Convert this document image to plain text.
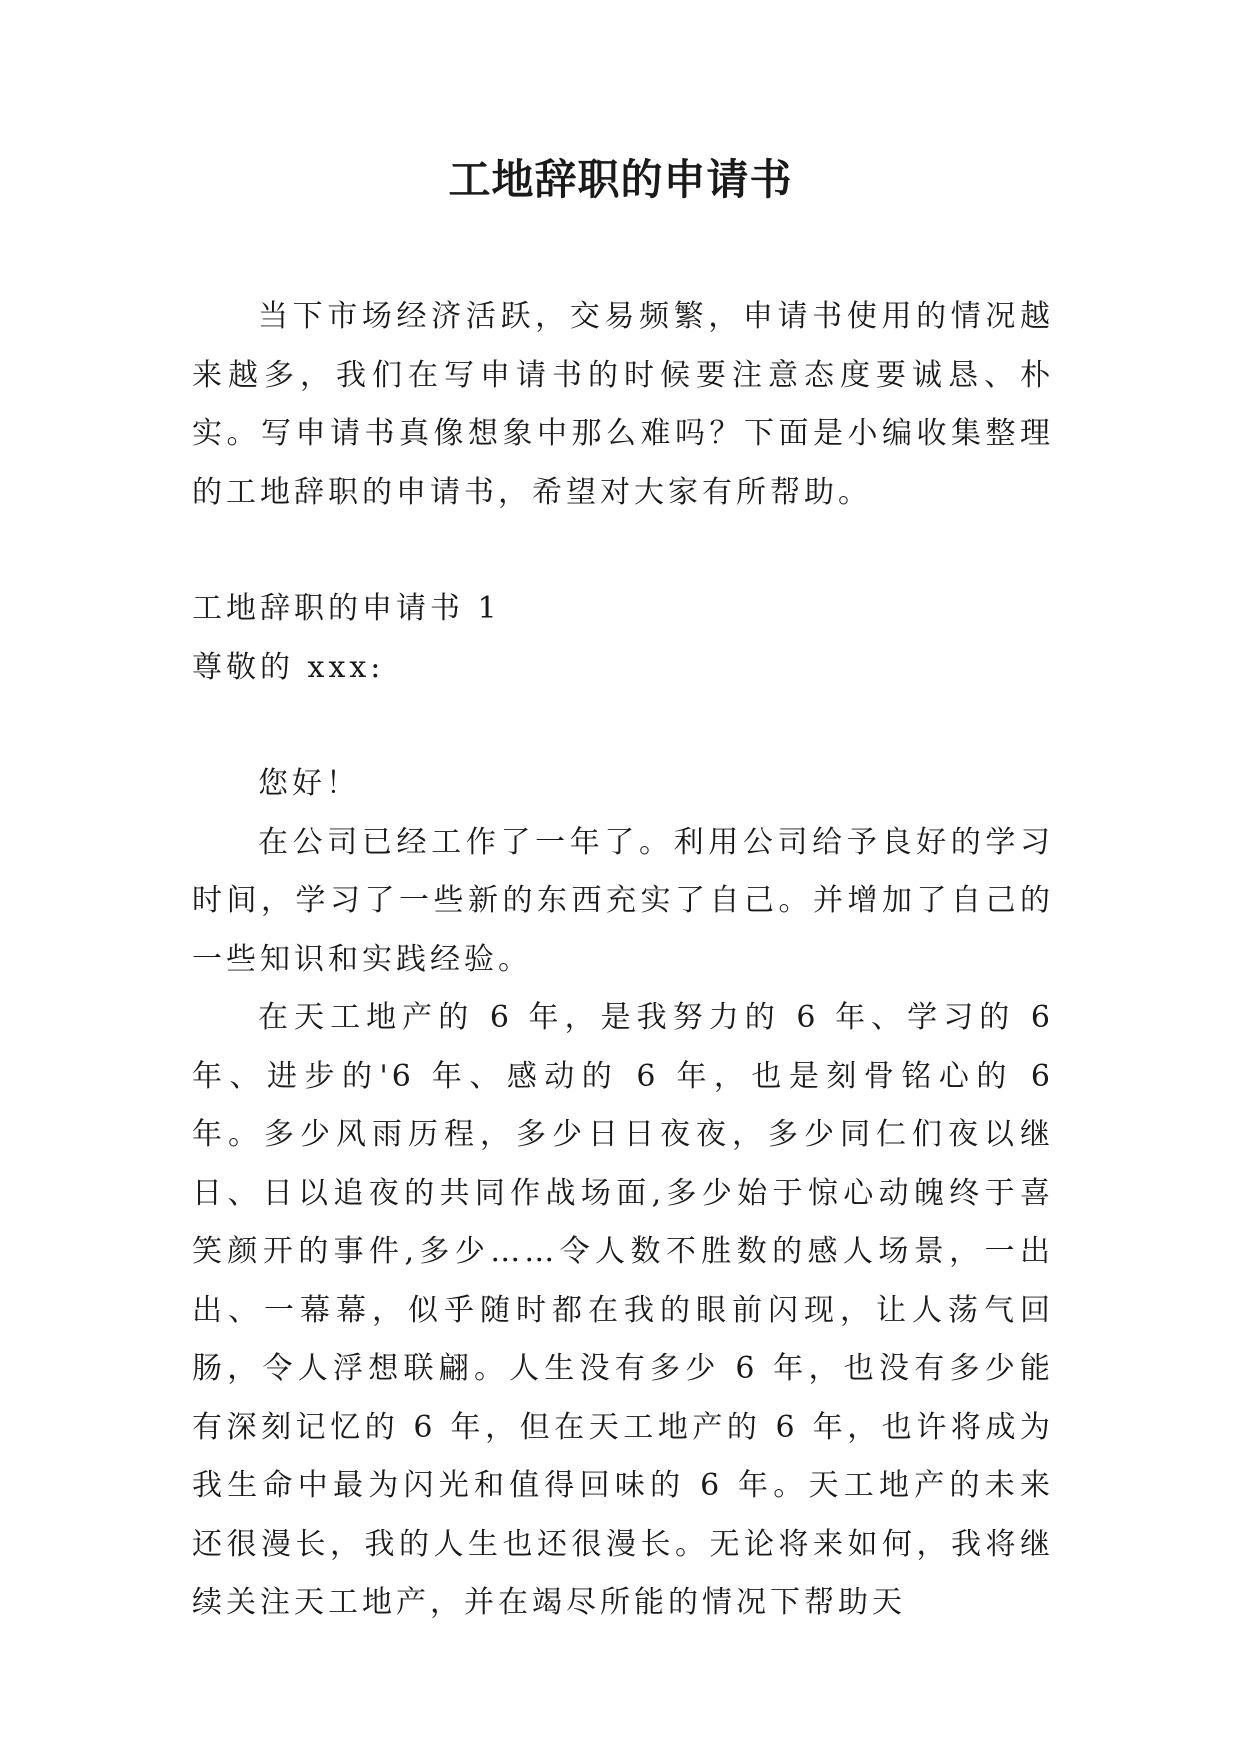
工地辞职的申请书

当下市场经济活跃，交易频繁，申请书使用的情况越来越多，我们在写申请书的时候要注意态度要诚恳、朴实。写申请书真像想象中那么难吗？下面是小编收集整理的工地辞职的申请书，希望对大家有所帮助。

工地辞职的申请书 1

尊敬的 xxx:

您好！

在公司已经工作了一年了。利用公司给予良好的学习时间，学习了一些新的东西充实了自己。并增加了自己的一些知识和实践经验。

在天工地产的 6 年，是我努力的 6 年、学习的 6 年、进步的'6 年、感动的 6 年，也是刻骨铭心的 6 年。多少风雨历程，多少日日夜夜，多少同仁们夜以继日、日以追夜的共同作战场面,多少始于惊心动魄终于喜笑颜开的事件,多少……令人数不胜数的感人场景，一出出、一幕幕，似乎随时都在我的眼前闪现，让人荡气回肠，令人浮想联翩。人生没有多少 6 年，也没有多少能有深刻记忆的 6 年，但在天工地产的 6 年，也许将成为我生命中最为闪光和值得回味的 6 年。天工地产的未来还很漫长，我的人生也还很漫长。无论将来如何，我将继续关注天工地产，并在竭尽所能的情况下帮助天
